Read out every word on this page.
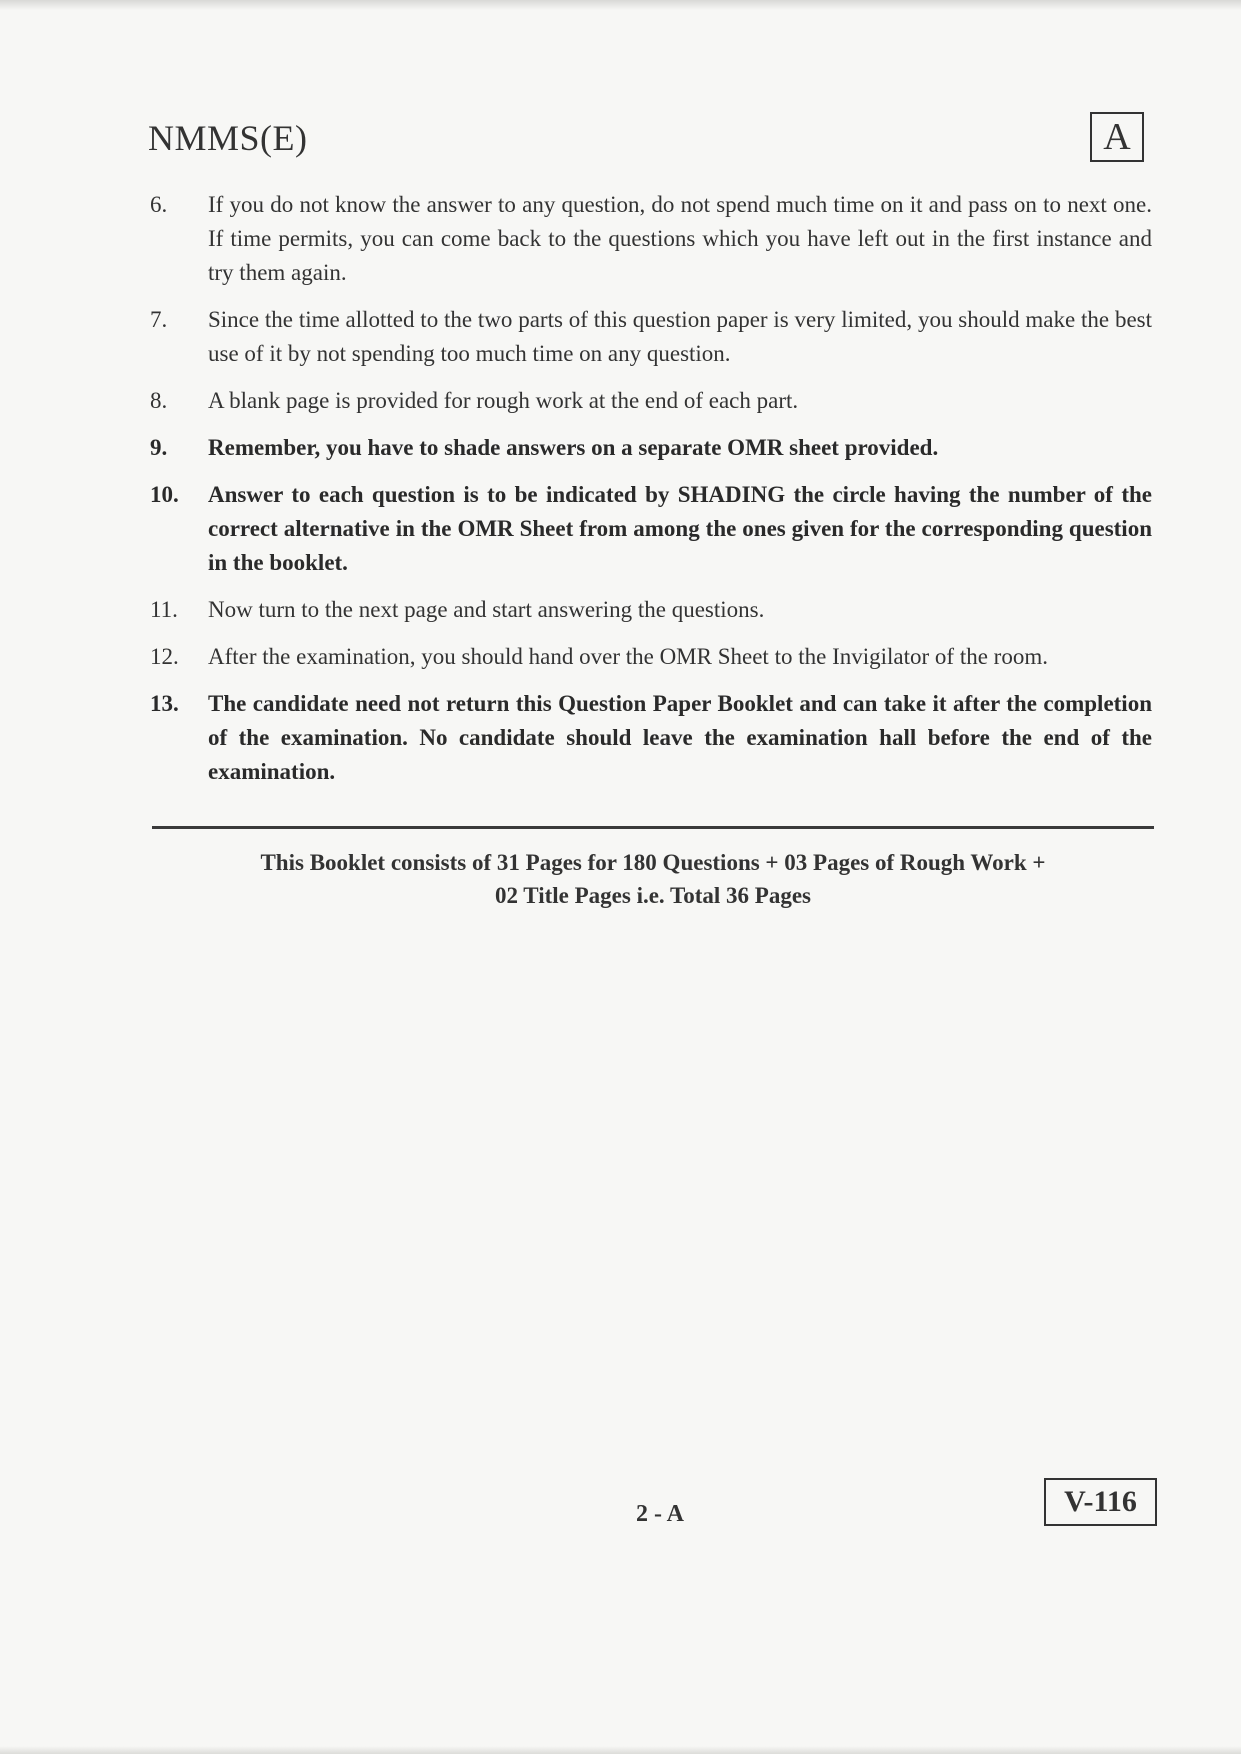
NMMS(E)	A
6.	If you do not know the answer to any question, do not spend much time on it and pass on to next one. If time permits, you can come back to the questions which you have left out in the first instance and try them again.
7.	Since the time allotted to the two parts of this question paper is very limited, you should make the best use of it by not spending too much time on any question.
8.	A blank page is provided for rough work at the end of each part.
9.	Remember, you have to shade answers on a separate OMR sheet provided.
10.	Answer to each question is to be indicated by SHADING the circle having the number of the correct alternative in the OMR Sheet from among the ones given for the corresponding question in the booklet.
11.	Now turn to the next page and start answering the questions.
12.	After the examination, you should hand over the OMR Sheet to the Invigilator of the room.
13.	The candidate need not return this Question Paper Booklet and can take it after the completion of the examination. No candidate should leave the examination hall before the end of the examination.
This Booklet consists of 31 Pages for 180 Questions + 03 Pages of Rough Work +
02 Title Pages i.e. Total 36 Pages
2 - A	V-116
